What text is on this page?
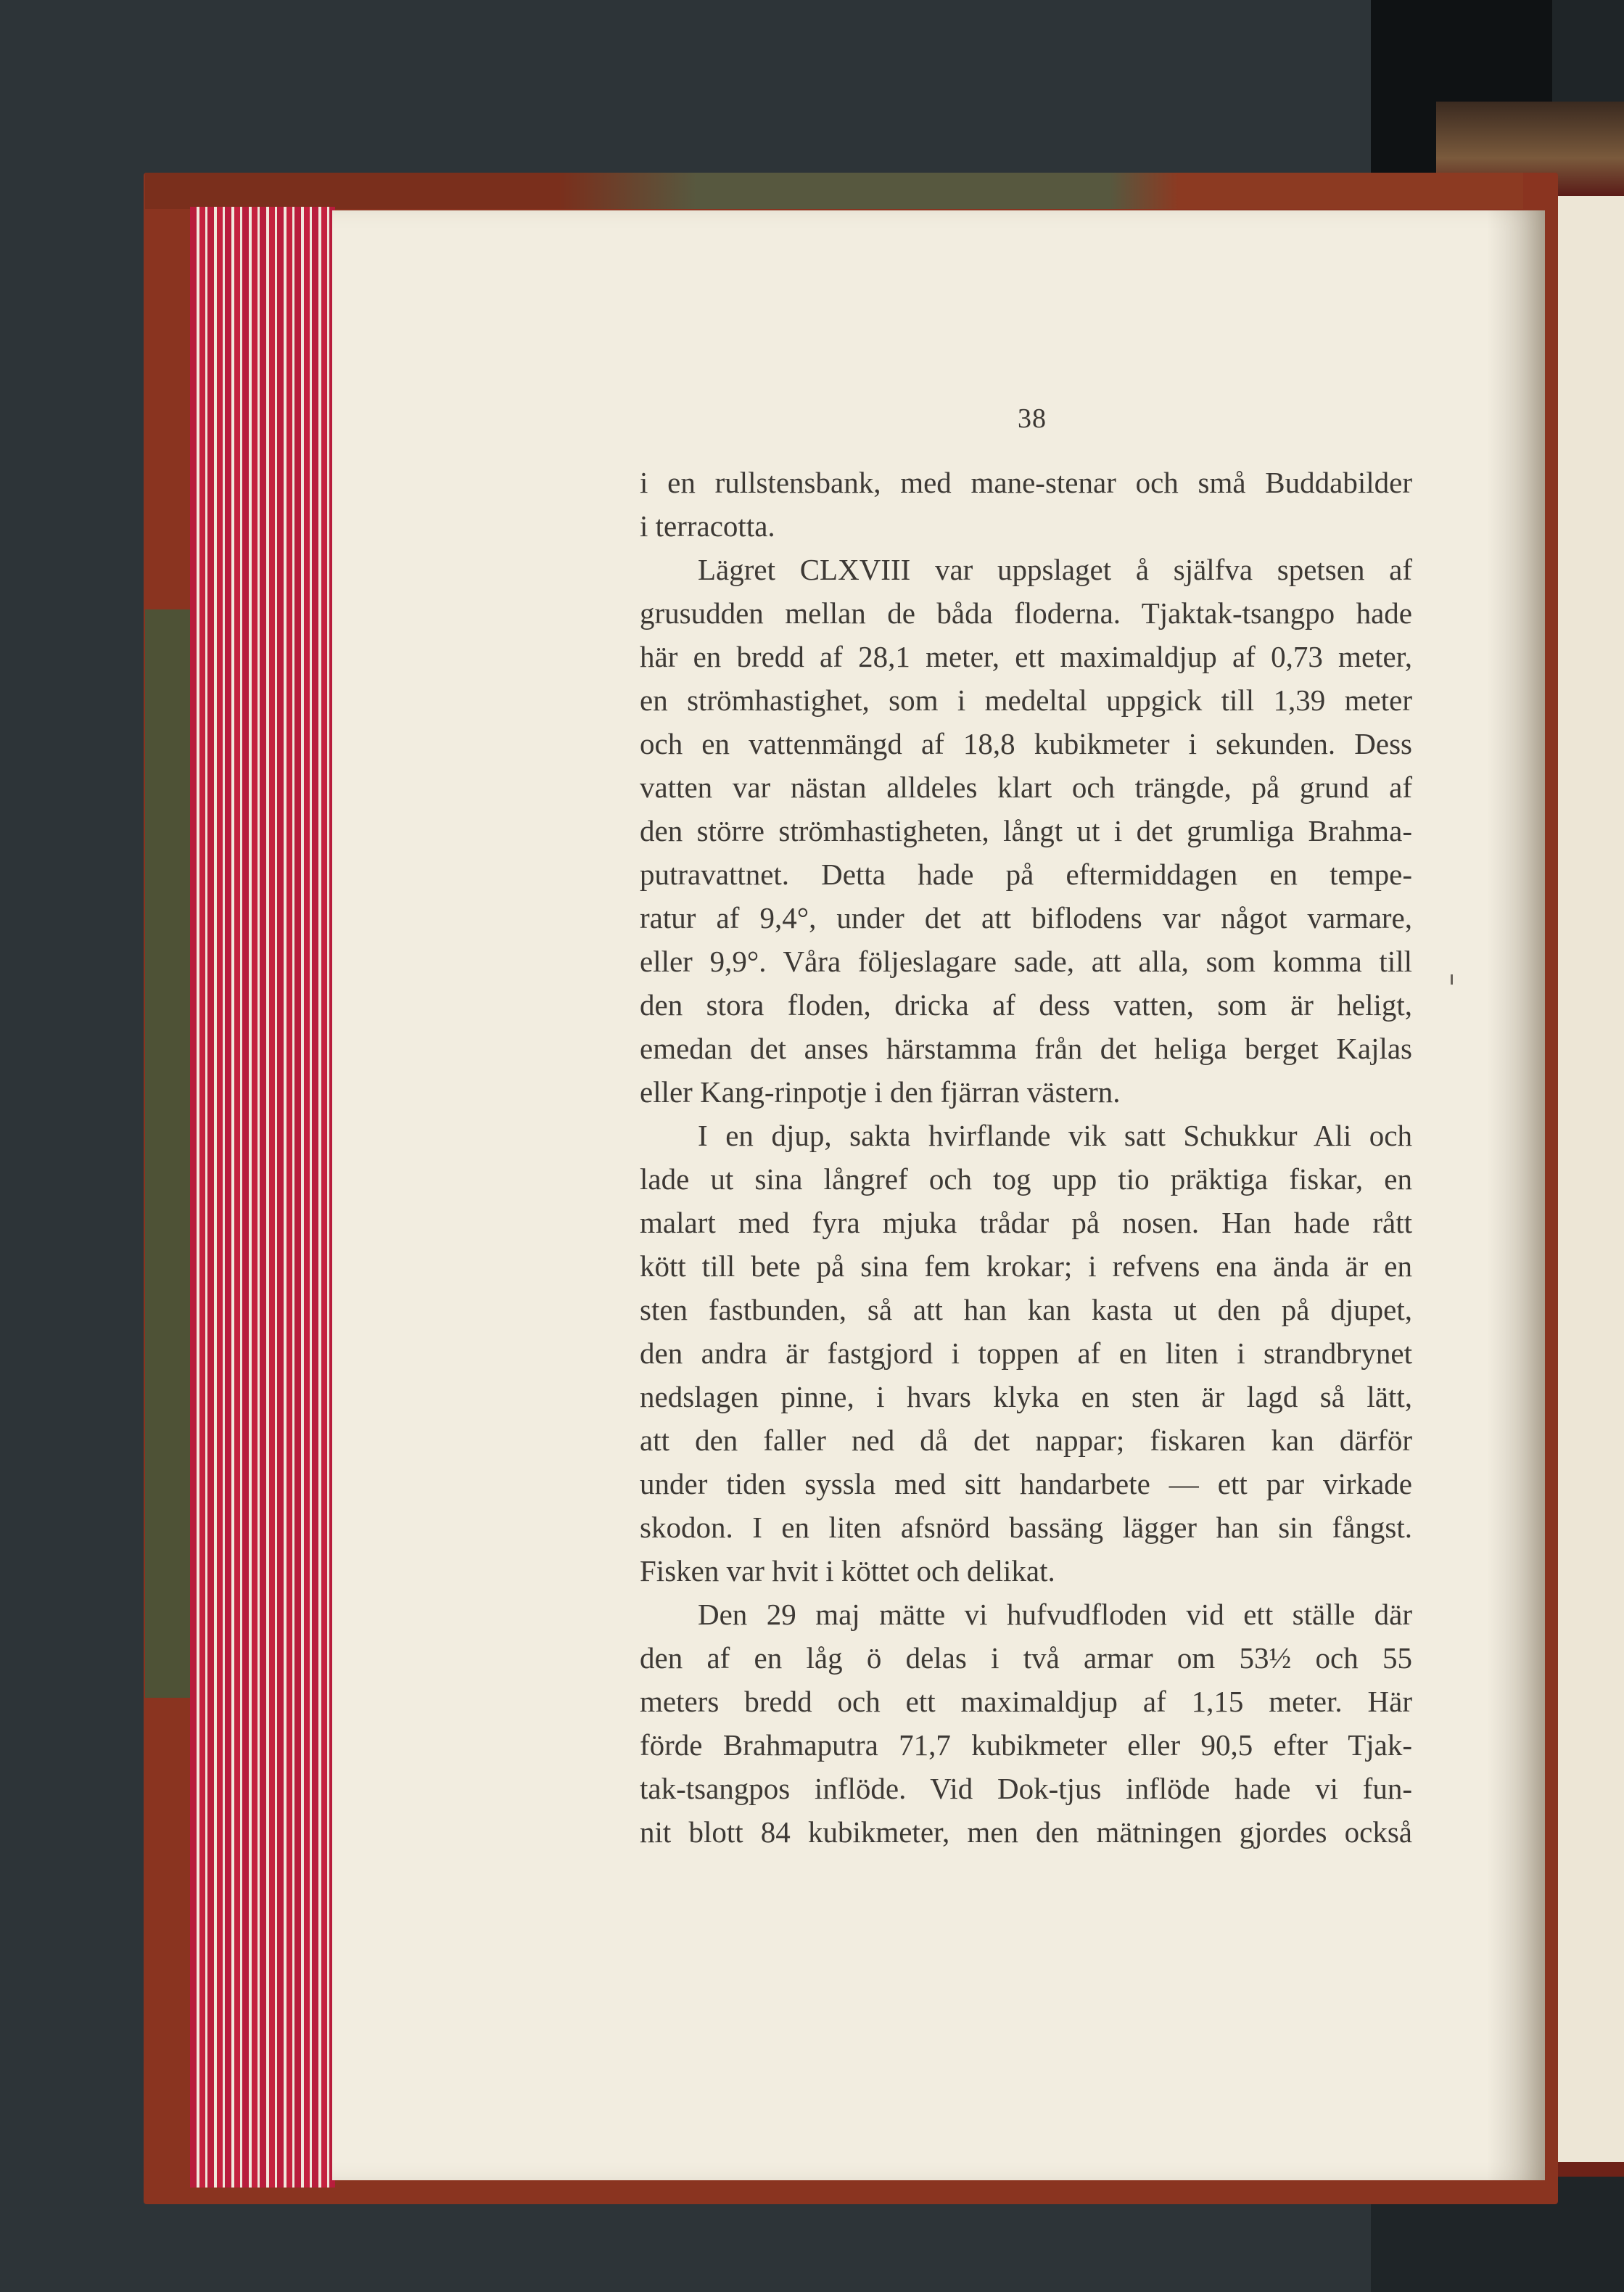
38
i en rullstensbank, med mane-stenar och små Buddabilder
i terracotta.
Lägret CLXVIII var uppslaget å själfva spetsen af
grusudden mellan de båda floderna. Tjaktak-tsangpo hade
här en bredd af 28,1 meter, ett maximaldjup af 0,73 meter,
en strömhastighet, som i medeltal uppgick till 1,39 meter
och en vattenmängd af 18,8 kubikmeter i sekunden. Dess
vatten var nästan alldeles klart och trängde, på grund af
den större strömhastigheten, långt ut i det grumliga Brahma-
putravattnet. Detta hade på eftermiddagen en tempe-
ratur af 9,4°, under det att biflodens var något varmare,
eller 9,9°. Våra följeslagare sade, att alla, som komma till
den stora floden, dricka af dess vatten, som är heligt,
emedan det anses härstamma från det heliga berget Kajlas
eller Kang-rinpotje i den fjärran västern.
I en djup, sakta hvirflande vik satt Schukkur Ali och
lade ut sina långref och tog upp tio präktiga fiskar, en
malart med fyra mjuka trådar på nosen. Han hade rått
kött till bete på sina fem krokar; i refvens ena ända är en
sten fastbunden, så att han kan kasta ut den på djupet,
den andra är fastgjord i toppen af en liten i strandbrynet
nedslagen pinne, i hvars klyka en sten är lagd så lätt,
att den faller ned då det nappar; fiskaren kan därför
under tiden syssla med sitt handarbete — ett par virkade
skodon. I en liten afsnörd bassäng lägger han sin fångst.
Fisken var hvit i köttet och delikat.
Den 29 maj mätte vi hufvudfloden vid ett ställe där
den af en låg ö delas i två armar om 53½ och 55
meters bredd och ett maximaldjup af 1,15 meter. Här
förde Brahmaputra 71,7 kubikmeter eller 90,5 efter Tjak-
tak-tsangpos inflöde. Vid Dok-tjus inflöde hade vi fun-
nit blott 84 kubikmeter, men den mätningen gjordes också
